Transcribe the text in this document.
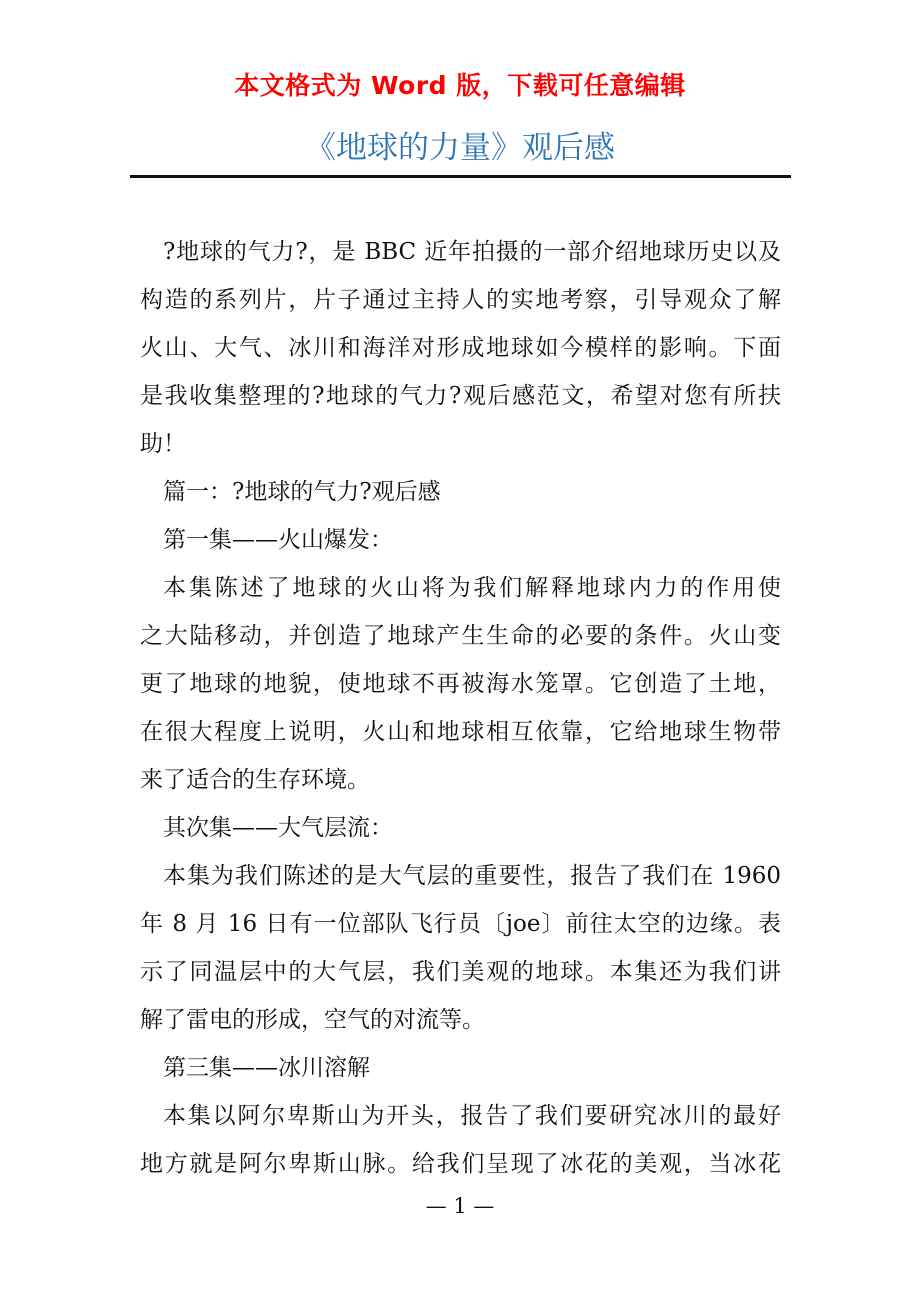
本文格式为 Word 版，下载可任意编辑
《地球的力量》观后感
?地球的气力?，是 BBC 近年拍摄的一部介绍地球历史以及
构造的系列片，片子通过主持人的实地考察，引导观众了解
火山、大气、冰川和海洋对形成地球如今模样的影响。下面
是我收集整理的?地球的气力?观后感范文，希望对您有所扶
助！
篇一：?地球的气力?观后感
第一集——火山爆发：
本集陈述了地球的火山将为我们解释地球内力的作用使
之大陆移动，并创造了地球产生生命的必要的条件。火山变
更了地球的地貌，使地球不再被海水笼罩。它创造了土地，
在很大程度上说明，火山和地球相互依靠，它给地球生物带
来了适合的生存环境。
其次集——大气层流：
本集为我们陈述的是大气层的重要性，报告了我们在 1960
年 8 月 16 日有一位部队飞行员〔joe〕前往太空的边缘。表
示了同温层中的大气层，我们美观的地球。本集还为我们讲
解了雷电的形成，空气的对流等。
第三集——冰川溶解
本集以阿尔卑斯山为开头，报告了我们要研究冰川的最好
地方就是阿尔卑斯山脉。给我们呈现了冰花的美观，当冰花
— 1 —
